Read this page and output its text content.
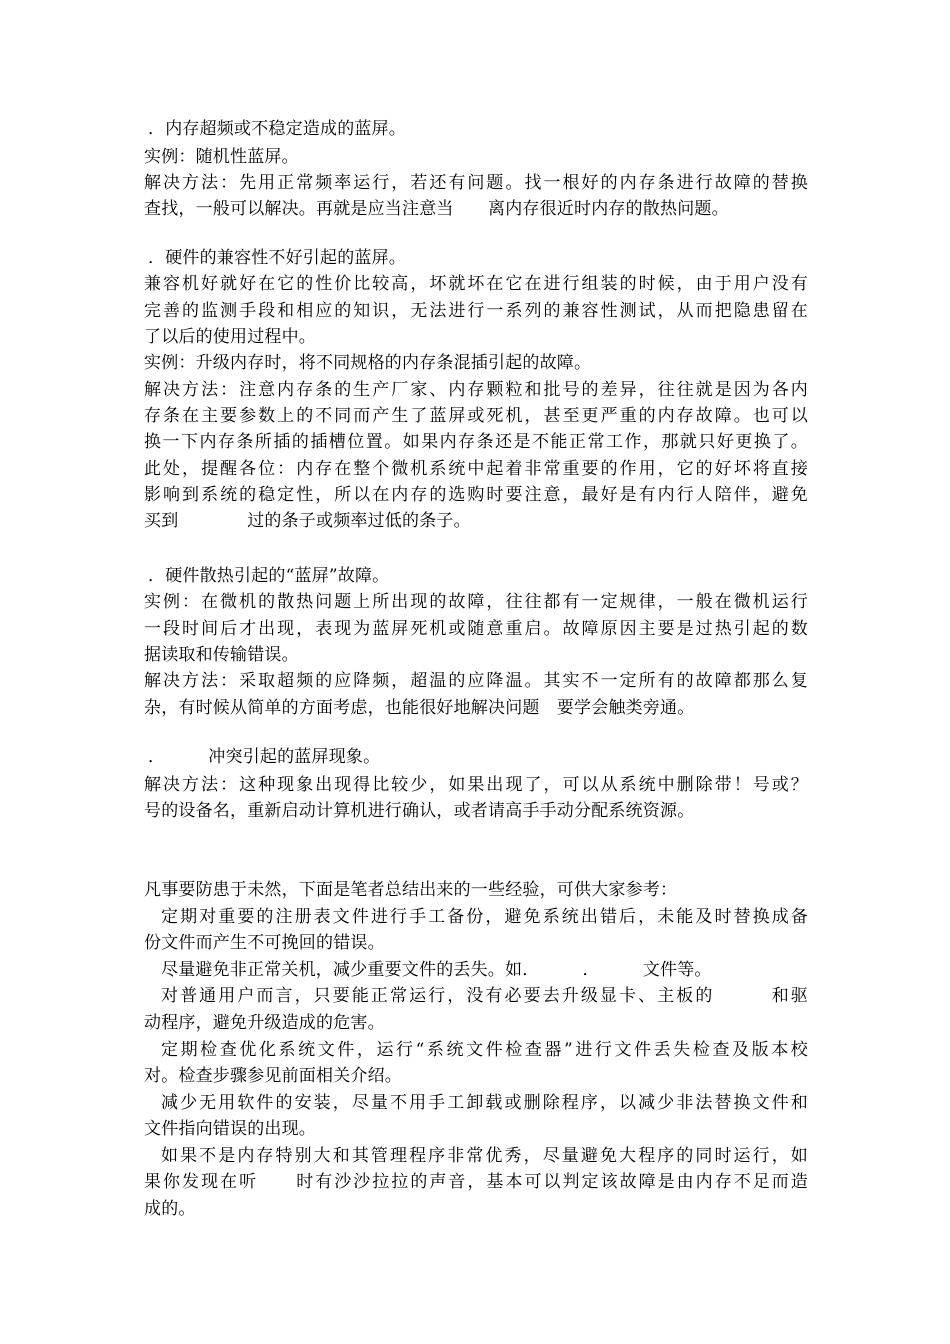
．内存超频或不稳定造成的蓝屏。
实例：随机性蓝屏。
解决方法：先用正常频率运行，若还有问题。找一根好的内存条进行故障的替换
查找，一般可以解决。再就是应当注意当　　离内存很近时内存的散热问题。
．硬件的兼容性不好引起的蓝屏。
兼容机好就好在它的性价比较高，坏就坏在它在进行组装的时候，由于用户没有
完善的监测手段和相应的知识，无法进行一系列的兼容性测试，从而把隐患留在
了以后的使用过程中。
实例：升级内存时，将不同规格的内存条混插引起的故障。
解决方法：注意内存条的生产厂家、内存颗粒和批号的差异，往往就是因为各内
存条在主要参数上的不同而产生了蓝屏或死机，甚至更严重的内存故障。也可以
换一下内存条所插的插槽位置。如果内存条还是不能正常工作，那就只好更换了。
此处，提醒各位：内存在整个微机系统中起着非常重要的作用，它的好坏将直接
影响到系统的稳定性，所以在内存的选购时要注意，最好是有内行人陪伴，避免
买到　　　　过的条子或频率过低的条子。
．硬件散热引起的“蓝屏”故障。
实例：在微机的散热问题上所出现的故障，往往都有一定规律，一般在微机运行
一段时间后才出现，表现为蓝屏死机或随意重启。故障原因主要是过热引起的数
据读取和传输错误。
解决方法：采取超频的应降频，超温的应降温。其实不一定所有的故障都那么复
杂，有时候从简单的方面考虑，也能很好地解决问题　要学会触类旁通。
．　　　冲突引起的蓝屏现象。
解决方法：这种现象出现得比较少，如果出现了，可以从系统中删除带！号或？
号的设备名，重新启动计算机进行确认，或者请高手手动分配系统资源。
凡事要防患于未然，下面是笔者总结出来的一些经验，可供大家参考：
定期对重要的注册表文件进行手工备份，避免系统出错后，未能及时替换成备
份文件而产生不可挽回的错误。
尽量避免非正常关机，减少重要文件的丢失。如．　　　．　　　文件等。
对普通用户而言，只要能正常运行，没有必要去升级显卡、主板的　　　和驱
动程序，避免升级造成的危害。
定期检查优化系统文件，运行“系统文件检查器”进行文件丢失检查及版本校
对。检查步骤参见前面相关介绍。
减少无用软件的安装，尽量不用手工卸载或删除程序，以减少非法替换文件和
文件指向错误的出现。
如果不是内存特别大和其管理程序非常优秀，尽量避免大程序的同时运行，如
果你发现在听　　时有沙沙拉拉的声音，基本可以判定该故障是由内存不足而造
成的。
